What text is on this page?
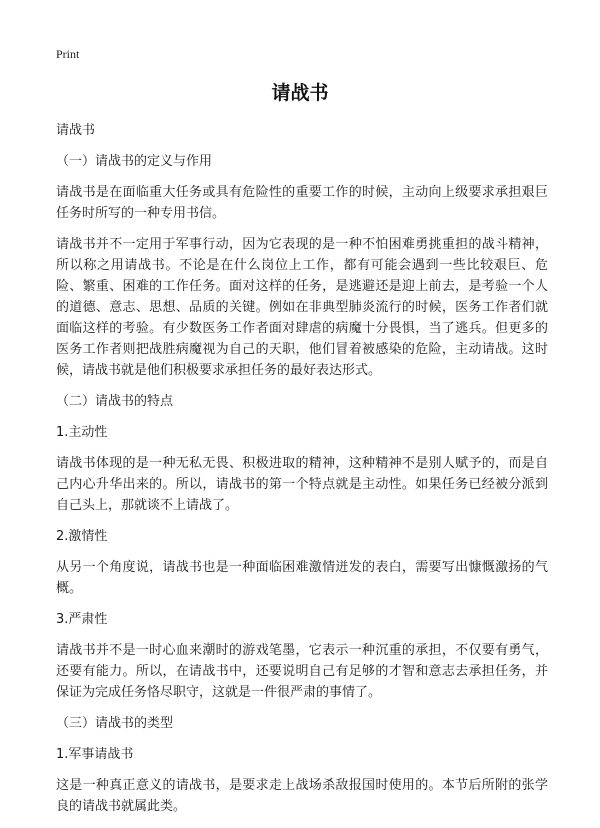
Print
请战书

请战书

（一）请战书的定义与作用

请战书是在面临重大任务或具有危险性的重要工作的时候，主动向上级要求承担艰巨任务时所写的一种专用书信。

请战书并不一定用于军事行动，因为它表现的是一种不怕困难勇挑重担的战斗精神，所以称之用请战书。不论是在什么岗位上工作，都有可能会遇到一些比较艰巨、危险、繁重、困难的工作任务。面对这样的任务，是逃避还是迎上前去，是考验一个人的道德、意志、思想、品质的关键。例如在非典型肺炎流行的时候，医务工作者们就面临这样的考验。有少数医务工作者面对肆虐的病魔十分畏惧，当了逃兵。但更多的医务工作者则把战胜病魔视为自己的天职，他们冒着被感染的危险，主动请战。这时候，请战书就是他们积极要求承担任务的最好表达形式。

（二）请战书的特点

1.主动性

请战书体现的是一种无私无畏、积极进取的精神，这种精神不是别人赋予的，而是自己内心升华出来的。所以，请战书的第一个特点就是主动性。如果任务已经被分派到自己头上，那就谈不上请战了。

2.激情性

从另一个角度说，请战书也是一种面临困难激情迸发的表白，需要写出慷慨激扬的气概。

3.严肃性

请战书并不是一时心血来潮时的游戏笔墨，它表示一种沉重的承担，不仅要有勇气，还要有能力。所以，在请战书中，还要说明自己有足够的才智和意志去承担任务，并保证为完成任务恪尽职守，这就是一件很严肃的事情了。

（三）请战书的类型

1.军事请战书

这是一种真正意义的请战书，是要求走上战场杀敌报国时使用的。本节后所附的张学良的请战书就属此类。
